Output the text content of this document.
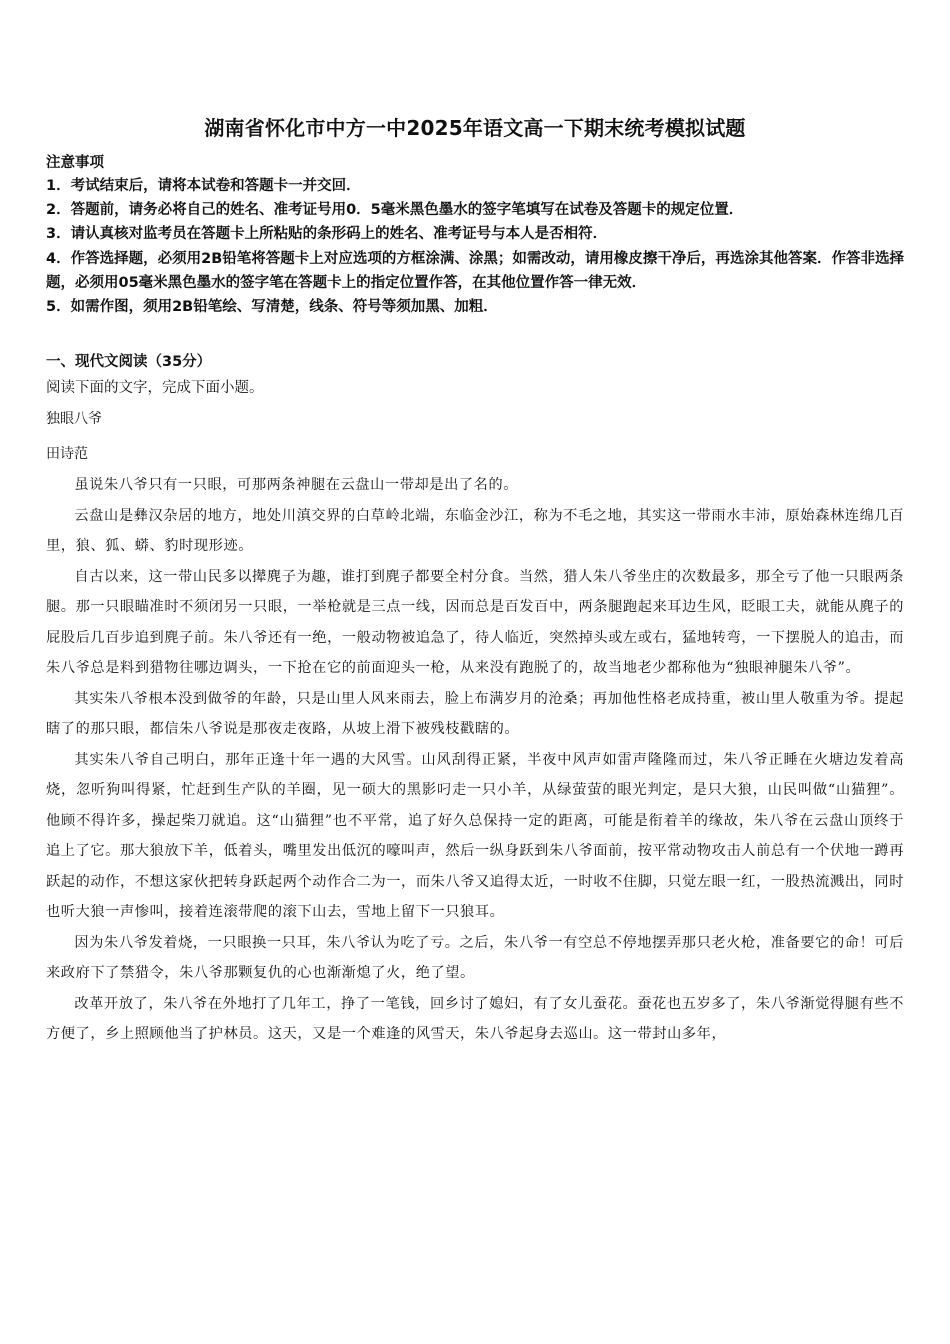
湖南省怀化市中方一中2025年语文高一下期末统考模拟试题
注意事项

1．考试结束后，请将本试卷和答题卡一并交回．

2．答题前，请务必将自己的姓名、准考证号用0．5毫米黑色墨水的签字笔填写在试卷及答题卡的规定位置．

3．请认真核对监考员在答题卡上所粘贴的条形码上的姓名、准考证号与本人是否相符．

4．作答选择题，必须用2B铅笔将答题卡上对应选项的方框涂满、涂黑；如需改动，请用橡皮擦干净后，再选涂其他答案．作答非选择题，必须用05毫米黑色墨水的签字笔在答题卡上的指定位置作答，在其他位置作答一律无效．

5．如需作图，须用2B铅笔绘、写清楚，线条、符号等须加黑、加粗．

一、现代文阅读（35分）
阅读下面的文字，完成下面小题。
独眼八爷
田诗范

虽说朱八爷只有一只眼，可那两条神腿在云盘山一带却是出了名的。

云盘山是彝汉杂居的地方，地处川滇交界的白草岭北端，东临金沙江，称为不毛之地，其实这一带雨水丰沛，原始森林连绵几百里，狼、狐、蟒、豹时现形迹。

自古以来，这一带山民多以撵麂子为趣，谁打到麂子都要全村分食。当然，猎人朱八爷坐庄的次数最多，那全亏了他一只眼两条腿。那一只眼瞄准时不须闭另一只眼，一举枪就是三点一线，因而总是百发百中，两条腿跑起来耳边生风，眨眼工夫，就能从麂子的屁股后几百步追到麂子前。朱八爷还有一绝，一般动物被追急了，待人临近，突然掉头或左或右，猛地转弯，一下摆脱人的追击，而朱八爷总是料到猎物往哪边调头，一下抢在它的前面迎头一枪，从来没有跑脱了的，故当地老少都称他为“独眼神腿朱八爷”。

其实朱八爷根本没到做爷的年龄，只是山里人风来雨去，脸上布满岁月的沧桑；再加他性格老成持重，被山里人敬重为爷。提起瞎了的那只眼，都信朱八爷说是那夜走夜路，从坡上滑下被残枝戳瞎的。

其实朱八爷自己明白，那年正逢十年一遇的大风雪。山风刮得正紧，半夜中风声如雷声隆隆而过，朱八爷正睡在火塘边发着高烧，忽听狗叫得紧，忙赶到生产队的羊圈，见一硕大的黑影叼走一只小羊，从绿萤萤的眼光判定，是只大狼，山民叫做“山猫狸”。他顾不得许多，操起柴刀就追。这“山猫狸”也不平常，追了好久总保持一定的距离，可能是衔着羊的缘故，朱八爷在云盘山顶终于追上了它。那大狼放下羊，低着头，嘴里发出低沉的嚎叫声，然后一纵身跃到朱八爷面前，按平常动物攻击人前总有一个伏地一蹲再跃起的动作，不想这家伙把转身跃起两个动作合二为一，而朱八爷又追得太近，一时收不住脚，只觉左眼一红，一股热流溅出，同时也听大狼一声惨叫，接着连滚带爬的滚下山去，雪地上留下一只狼耳。

因为朱八爷发着烧，一只眼换一只耳，朱八爷认为吃了亏。之后，朱八爷一有空总不停地摆弄那只老火枪，准备要它的命！可后来政府下了禁猎令，朱八爷那颗复仇的心也渐渐熄了火，绝了望。

改革开放了，朱八爷在外地打了几年工，挣了一笔钱，回乡讨了媳妇，有了女儿蚕花。蚕花也五岁多了，朱八爷渐觉得腿有些不方便了，乡上照顾他当了护林员。这天，又是一个难逢的风雪天，朱八爷起身去巡山。这一带封山多年，
